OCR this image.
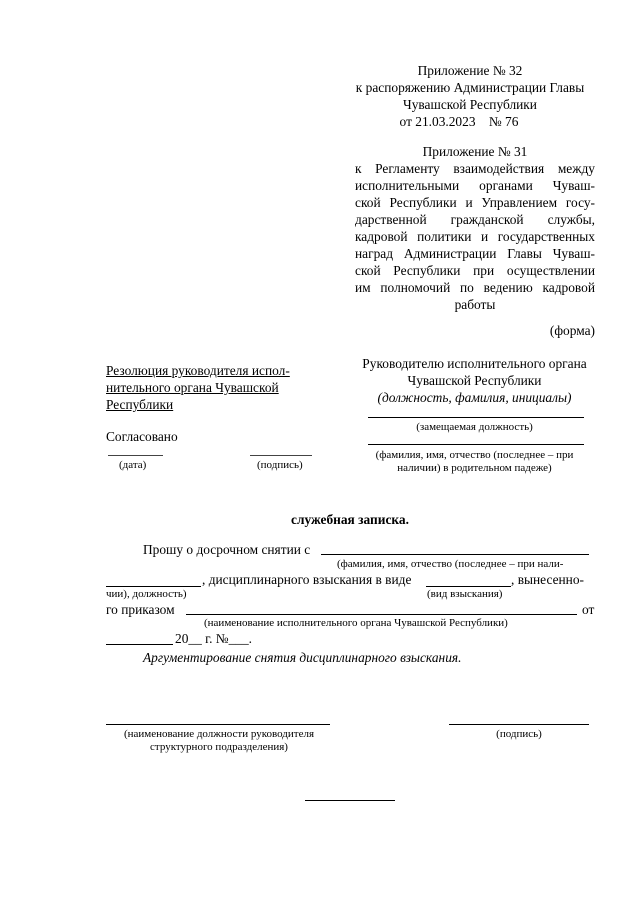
Приложение № 32
к распоряжению Администрации Главы
Чувашской Республики
от 21.03.2023    № 76
Приложение № 31

к Регламенту взаимодействия между

исполнительными органами Чуваш-

ской Республики и Управлением госу-

дарственной гражданской службы,

кадровой политики и государственных

наград Администрации Главы Чуваш-

ской Республики при осуществлении

им полномочий по ведению кадровой

работы
(форма)
Резолюция руководителя испол-
нительного органа Чувашской
Республики
Согласовано
(дата)	(подпись)
Руководителю исполнительного органа
Чувашской Республики
(должность, фамилия, инициалы)
(замещаемая должность)
(фамилия, имя, отчество (последнее – при
наличии) в родительном падеже)
служебная записка.
Прошу о досрочном снятии с
(фамилия, имя, отчество (последнее – при нали-
, дисциплинарного взыскания в виде	, вынесенно-
чии), должность)	(вид взыскания)
го приказом	от
(наименование исполнительного органа Чувашской Республики)
20__ г. №___.
Аргументирование снятия дисциплинарного взыскания.
(наименование должности руководителя
структурного подразделения)
(подпись)
